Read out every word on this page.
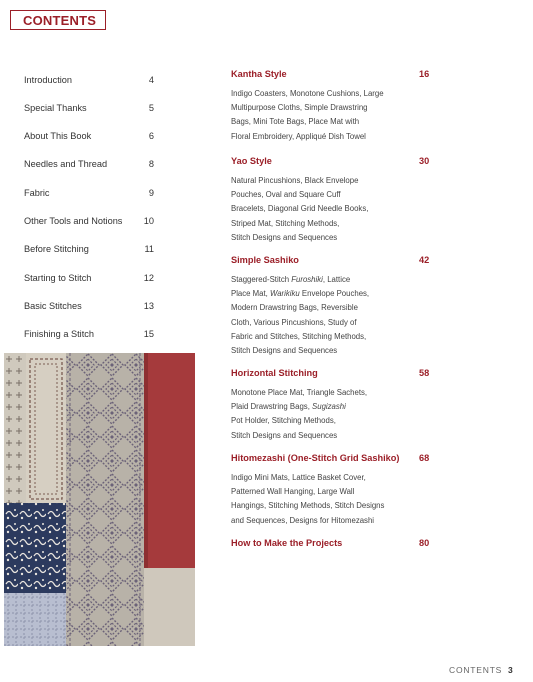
CONTENTS
Introduction	4
Special Thanks	5
About This Book	6
Needles and Thread	8
Fabric	9
Other Tools and Notions 10
Before Stitching	11
Starting to Stitch	12
Basic Stitches	13
Finishing a Stitch	15
Kantha Style	16
Indigo Coasters, Monotone Cushions, Large
Multipurpose Cloths, Simple Drawstring
Bags, Mini Tote Bags, Place Mat with
Floral Embroidery, Appliqué Dish Towel
Yao Style	30
Natural Pincushions, Black Envelope
Pouches, Oval and Square Cuff
Bracelets, Diagonal Grid Needle Books,
Striped Mat, Stitching Methods,
Stitch Designs and Sequences
Simple Sashiko	42
Staggered-Stitch Furoshiki, Lattice
Place Mat, Warikiku Envelope Pouches,
Modern Drawstring Bags, Reversible
Cloth, Various Pincushions, Study of
Fabric and Stitches, Stitching Methods,
Stitch Designs and Sequences
Horizontal Stitching	58
Monotone Place Mat, Triangle Sachets,
Plaid Drawstring Bags, Sugizashi
Pot Holder, Stitching Methods,
Stitch Designs and Sequences
Hitomezashi (One-Stitch Grid Sashiko) 68
Indigo Mini Mats, Lattice Basket Cover,
Patterned Wall Hanging, Large Wall
Hangings, Stitching Methods, Stitch Designs
and Sequences, Designs for Hitomezashi
How to Make the Projects	80
CONTENTS 3
